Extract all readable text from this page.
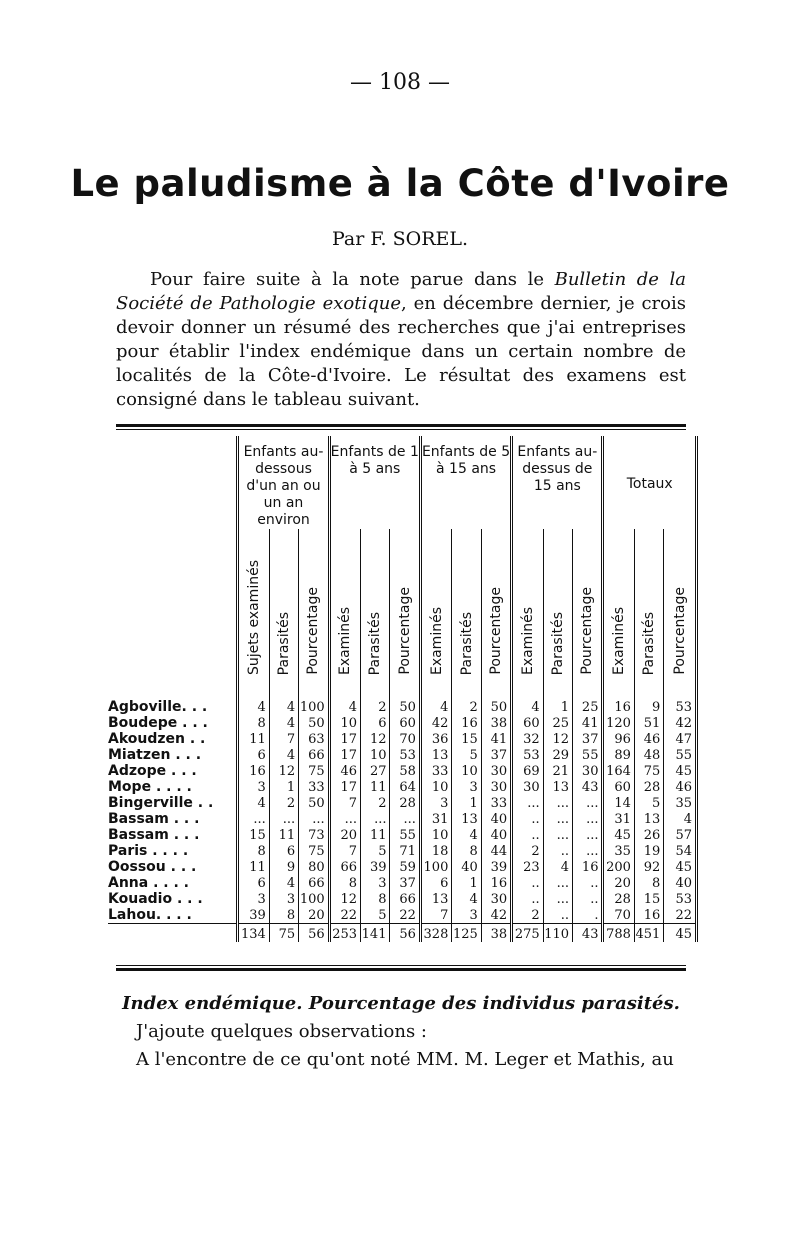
— 108 —
Le paludisme à la Côte d'Ivoire
Par F. SOREL.

Pour faire suite à la note parue dans le Bulletin de la Société de Pathologie exotique, en décembre dernier, je crois devoir donner un résumé des recherches que j'ai entreprises pour établir l'index endémique dans un certain nombre de localités de la Côte-d'Ivoire. Le résultat des examens est consigné dans le tableau suivant.

	Enfants au-dessous d'un an ou un an environ			Enfants de 1 à 5 ans			Enfants de 5 à 15 ans			Enfants au-dessus de 15 ans			Totaux		
	Sujets examinés	Parasités	Pourcentage	Examinés	Parasités	Pourcentage	Examinés	Parasités	Pourcentage	Examinés	Parasités	Pourcentage	Examinés	Parasités	Pourcentage
Agboville. . .	4	4	100	4	2	50	4	2	50	4	1	25	16	9	53
Boudepe . . .	8	4	50	10	6	60	42	16	38	60	25	41	120	51	42
Akoudzen . .	11	7	63	17	12	70	36	15	41	32	12	37	96	46	47
Miatzen . . .	6	4	66	17	10	53	13	5	37	53	29	55	89	48	55
Adzope . . .	16	12	75	46	27	58	33	10	30	69	21	30	164	75	45
Mope . . . .	3	1	33	17	11	64	10	3	30	30	13	43	60	28	46
Bingerville . .	4	2	50	7	2	28	3	1	33	...	...	...	14	5	35
Bassam . . .	...	...	...	...	...	...	31	13	40	..	...	...	31	13	4
Bassam . . .	15	11	73	20	11	55	10	4	40	..	...	...	45	26	57
Paris . . . .	8	6	75	7	5	71	18	8	44	2	..	...	35	19	54
Oossou . . .	11	9	80	66	39	59	100	40	39	23	4	16	200	92	45
Anna . . . .	6	4	66	8	3	37	6	1	16	..	...	..	20	8	40
Kouadio . . .	3	3	100	12	8	66	13	4	30	..	...	..	28	15	53
Lahou. . . .	39	8	20	22	5	22	7	3	42	2	..	.	70	16	22
	134	75	56	253	141	56	328	125	38	275	110	43	788	451	45
Index endémique. Pourcentage des individus parasités.
J'ajoute quelques observations :
A l'encontre de ce qu'ont noté MM. M. Leger et Mathis, au
